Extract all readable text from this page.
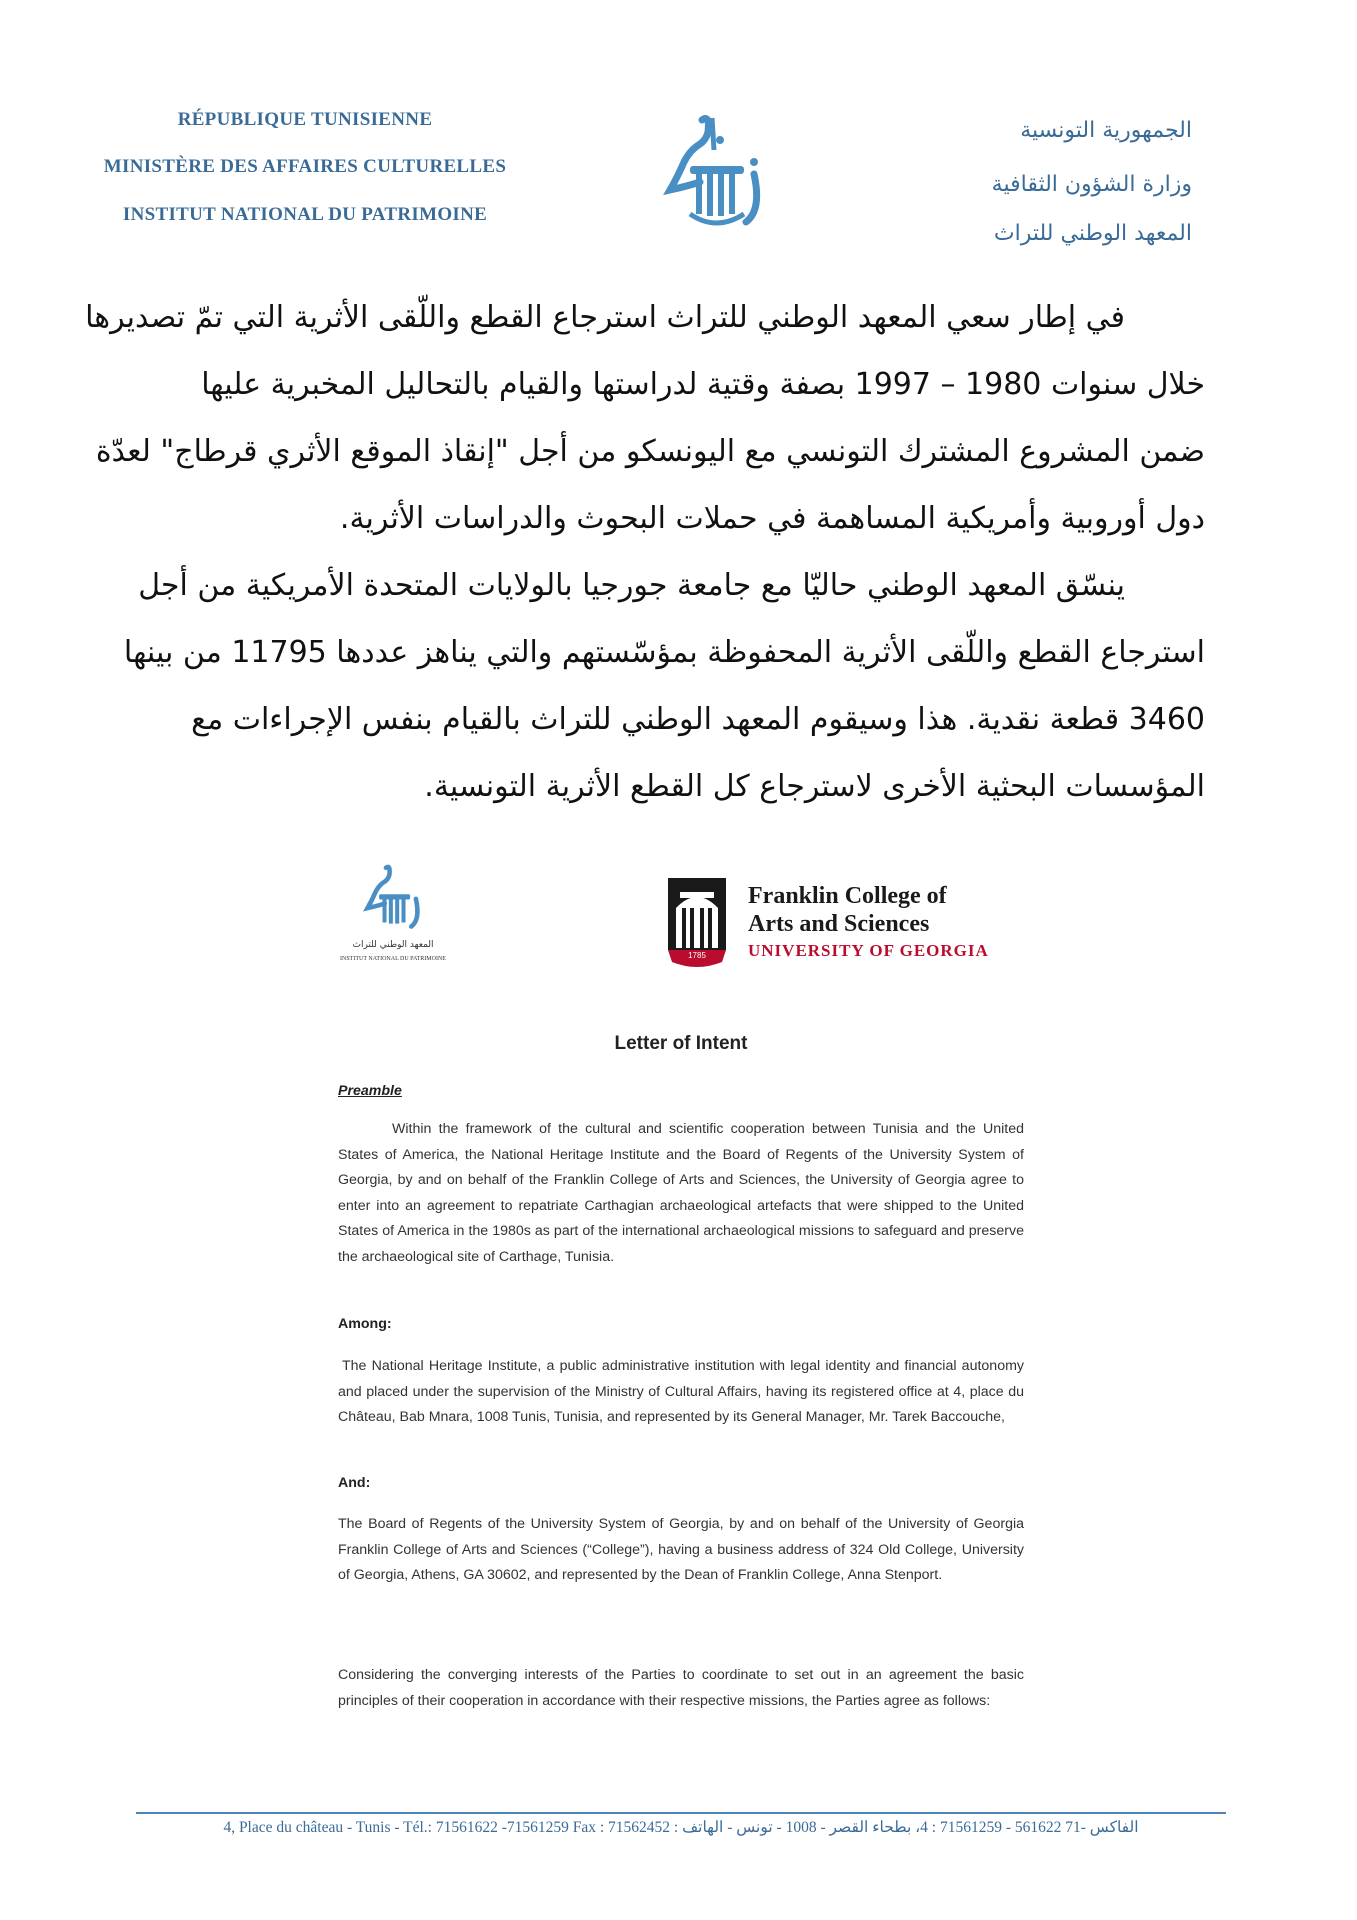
RÉPUBLIQUE TUNISIENNE
MINISTÈRE DES AFFAIRES CULTURELLES
INSTITUT NATIONAL DU PATRIMOINE
الجمهورية التونسية
وزارة الشؤون الثقافية
المعهد الوطني للتراث
في إطار سعي المعهد الوطني للتراث استرجاع القطع واللّقى الأثرية التي تمّ تصديرها
خلال سنوات 1980 – 1997 بصفة وقتية لدراستها والقيام بالتحاليل المخبرية عليها
ضمن المشروع المشترك التونسي مع اليونسكو من أجل "إنقاذ الموقع الأثري قرطاج" لعدّة
دول أوروبية وأمريكية المساهمة في حملات البحوث والدراسات الأثرية.
ينسّق المعهد الوطني حاليّا مع جامعة جورجيا بالولايات المتحدة الأمريكية من أجل
استرجاع القطع واللّقى الأثرية المحفوظة بمؤسّستهم والتي يناهز عددها 11795 من بينها
3460 قطعة نقدية. هذا وسيقوم المعهد الوطني للتراث بالقيام بنفس الإجراءات مع
المؤسسات البحثية الأخرى لاسترجاع كل القطع الأثرية التونسية.
المعهد الوطني للتراث
INSTITUT NATIONAL DU PATRIMOINE	1785
Franklin College of
Arts and Sciences
UNIVERSITY OF GEORGIA
Letter of Intent
Preamble
Within the framework of the cultural and scientific cooperation between Tunisia and the United States of America, the National Heritage Institute and the Board of Regents of the University System of Georgia, by and on behalf of the Franklin College of Arts and Sciences, the University of Georgia agree to enter into an agreement to repatriate Carthagian archaeological artefacts that were shipped to the United States of America in the 1980s as part of the international archaeological missions to safeguard and preserve the archaeological site of Carthage, Tunisia.
Among:
The National Heritage Institute, a public administrative institution with legal identity and financial autonomy and placed under the supervision of the Ministry of Cultural Affairs, having its registered office at 4, place du Château, Bab Mnara, 1008 Tunis, Tunisia, and represented by its General Manager, Mr. Tarek Baccouche,
And:
The Board of Regents of the University System of Georgia, by and on behalf of the University of Georgia Franklin College of Arts and Sciences (“College”), having a business address of 324 Old College, University of Georgia, Athens, GA 30602, and represented by the Dean of Franklin College, Anna Stenport.
Considering the converging interests of the Parties to coordinate to set out in an agreement the basic principles of their cooperation in accordance with their respective missions, the Parties agree as follows:
4, Place du château - Tunis - Tél.: 71561622 -71561259 Fax : 71562452 : الفاكس -71 561622 - 71561259 : 4، بطحاء القصر - 1008 - تونس - الهاتف
